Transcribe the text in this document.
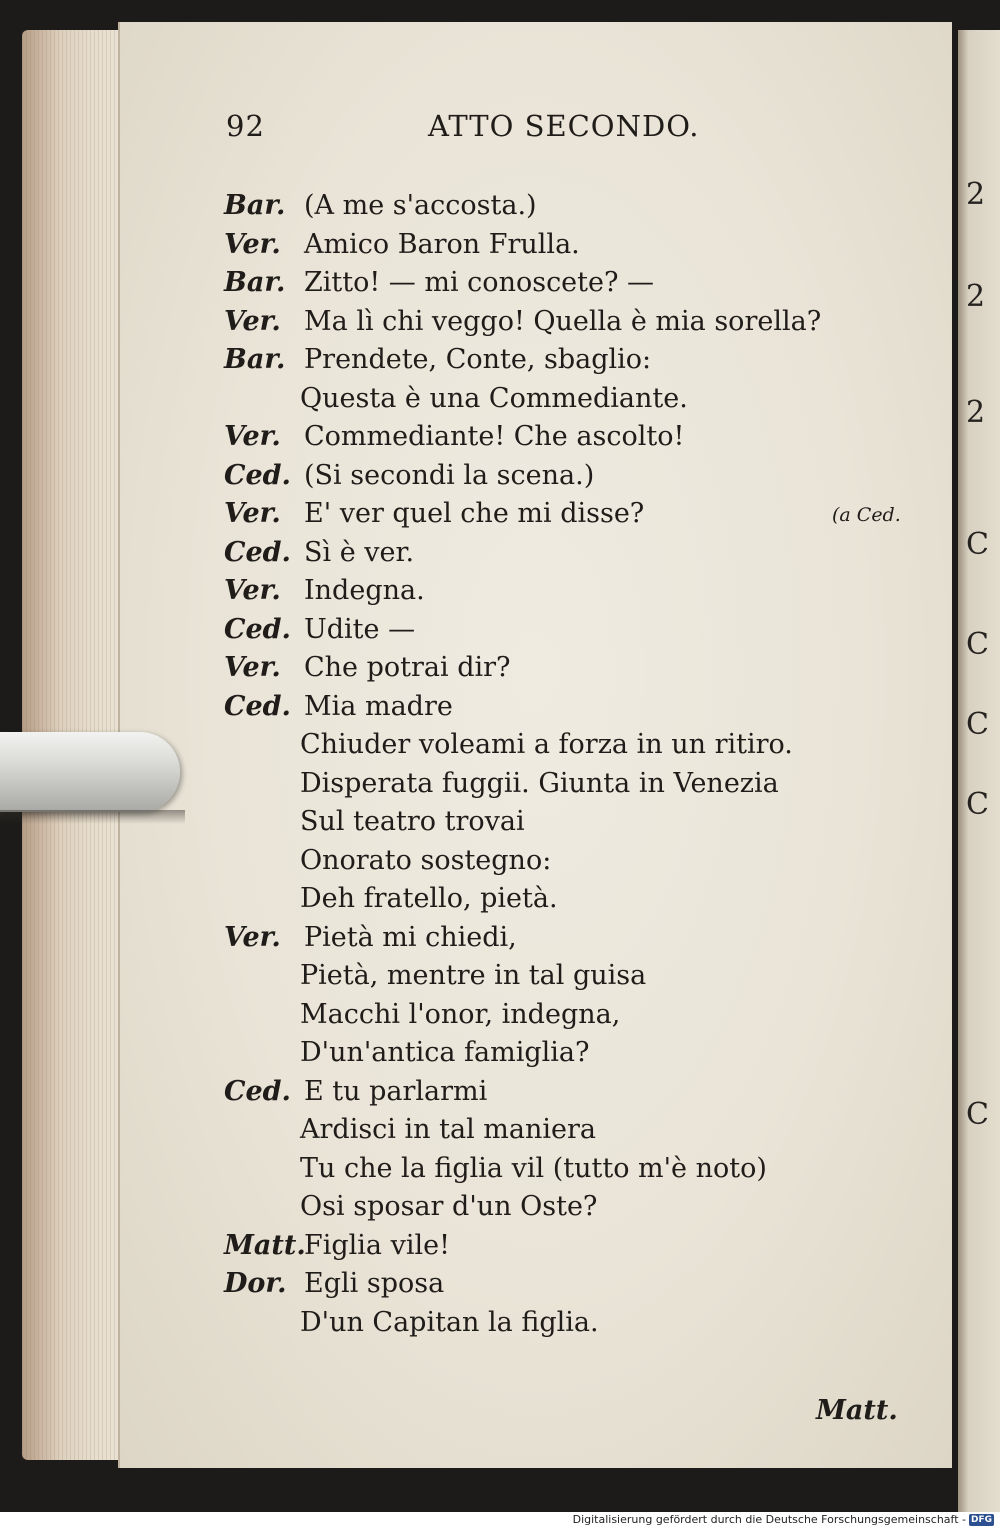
2
2
2
C
C
C
C
C
92	ATTO SECONDO.
Bar. (A me s'accosta.)
Ver. Amico Baron Frulla.
Bar. Zitto! — mi conoscete? —
Ver. Ma lì chi veggo! Quella è mia sorella?
Bar. Prendete, Conte, sbaglio:
Questa è una Commediante.
Ver. Commediante! Che ascolto!
Ced. (Si secondi la scena.)
Ver. E' ver quel che mi disse?
Ced. Sì è ver.
Ver. Indegna.
Ced. Udite —
Ver. Che potrai dir?
Ced. Mia madre
Chiuder voleami a forza in un ritiro.
Disperata fuggii. Giunta in Venezia
Sul teatro trovai
Onorato sostegno:
Deh fratello, pietà.
Ver. Pietà mi chiedi,
Pietà, mentre in tal guisa
Macchi l'onor, indegna,
D'un'antica famiglia?
Ced. E tu parlarmi
Ardisci in tal maniera
Tu che la figlia vil (tutto m'è noto)
Osi sposar d'un Oste?
Matt.
Figlia vile!
Dor. Egli sposa
D'un Capitan la figlia.
(a Ced.
Matt.
Digitalisierung gefördert durch die Deutsche Forschungsgemeinschaft - DFG
